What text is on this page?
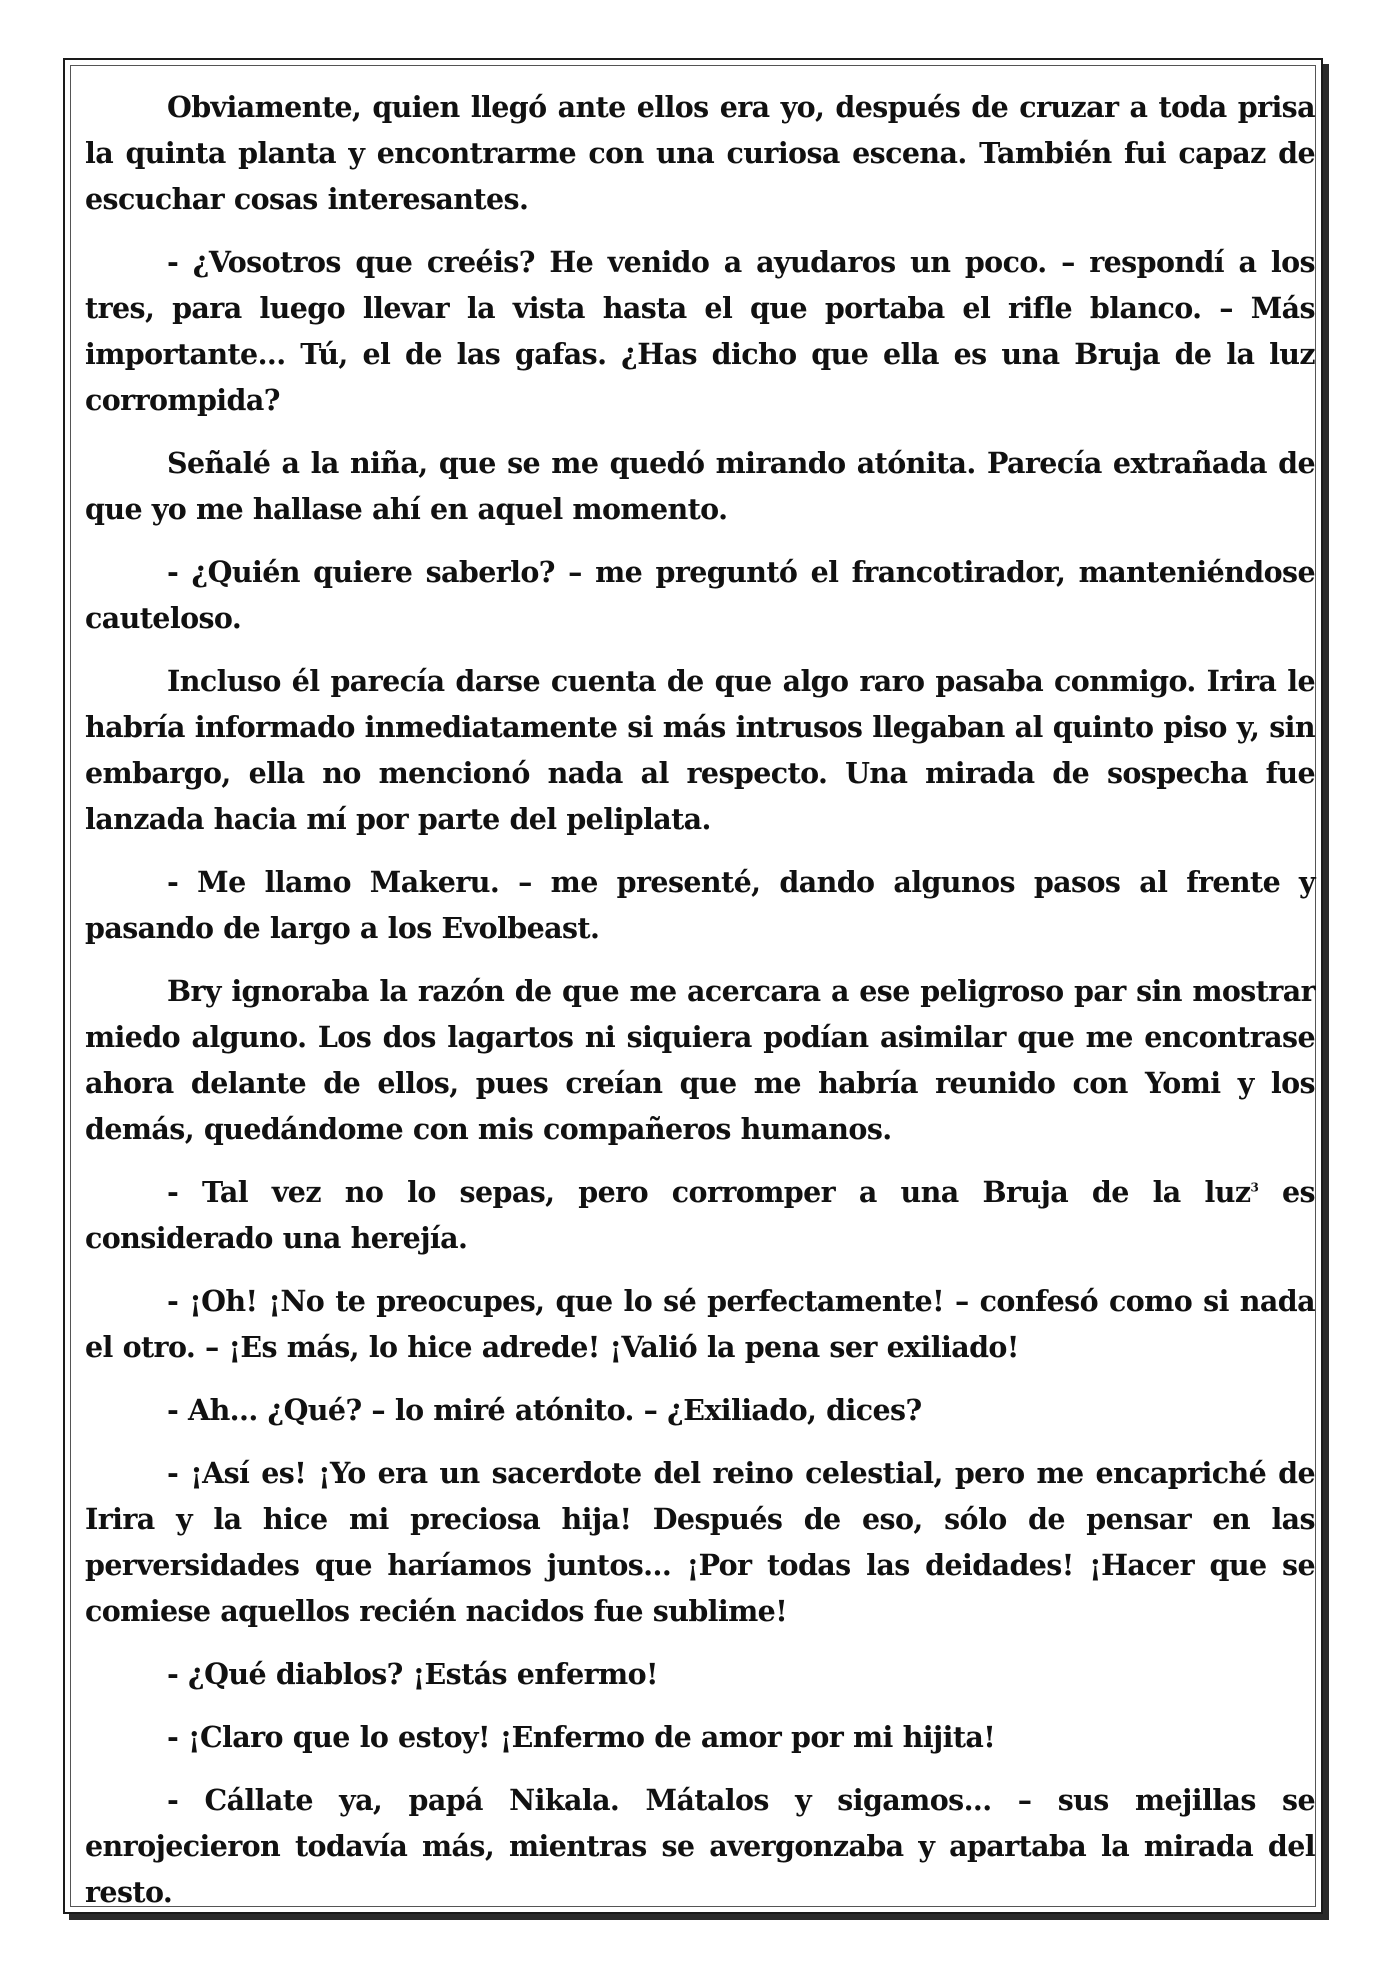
Obviamente, quien llegó ante ellos era yo, después de cruzar a toda prisa la quinta planta y encontrarme con una curiosa escena. También fui capaz de escuchar cosas interesantes.

- ¿Vosotros que creéis? He venido a ayudaros un poco. – respondí a los tres, para luego llevar la vista hasta el que portaba el rifle blanco. – Más importante... Tú, el de las gafas. ¿Has dicho que ella es una Bruja de la luz corrompida?

Señalé a la niña, que se me quedó mirando atónita. Parecía extrañada de que yo me hallase ahí en aquel momento.

- ¿Quién quiere saberlo? – me preguntó el francotirador, manteniéndose cauteloso.

Incluso él parecía darse cuenta de que algo raro pasaba conmigo. Irira le habría informado inmediatamente si más intrusos llegaban al quinto piso y, sin embargo, ella no mencionó nada al respecto. Una mirada de sospecha fue lanzada hacia mí por parte del peliplata.

- Me llamo Makeru. – me presenté, dando algunos pasos al frente y pasando de largo a los Evolbeast.

Bry ignoraba la razón de que me acercara a ese peligroso par sin mostrar miedo alguno. Los dos lagartos ni siquiera podían asimilar que me encontrase ahora delante de ellos, pues creían que me habría reunido con Yomi y los demás, quedándome con mis compañeros humanos.

- Tal vez no lo sepas, pero corromper a una Bruja de la luz$^3$ es considerado una herejía.

- ¡Oh! ¡No te preocupes, que lo sé perfectamente! – confesó como si nada el otro. – ¡Es más, lo hice adrede! ¡Valió la pena ser exiliado!

- Ah... ¿Qué? – lo miré atónito. – ¿Exiliado, dices?

- ¡Así es! ¡Yo era un sacerdote del reino celestial, pero me encapriché de Irira y la hice mi preciosa hija! Después de eso, sólo de pensar en las perversidades que haríamos juntos... ¡Por todas las deidades! ¡Hacer que se comiese aquellos recién nacidos fue sublime!

- ¿Qué diablos? ¡Estás enfermo!

- ¡Claro que lo estoy! ¡Enfermo de amor por mi hijita!

- Cállate ya, papá Nikala. Mátalos y sigamos... – sus mejillas se enrojecieron todavía más, mientras se avergonzaba y apartaba la mirada del resto.
